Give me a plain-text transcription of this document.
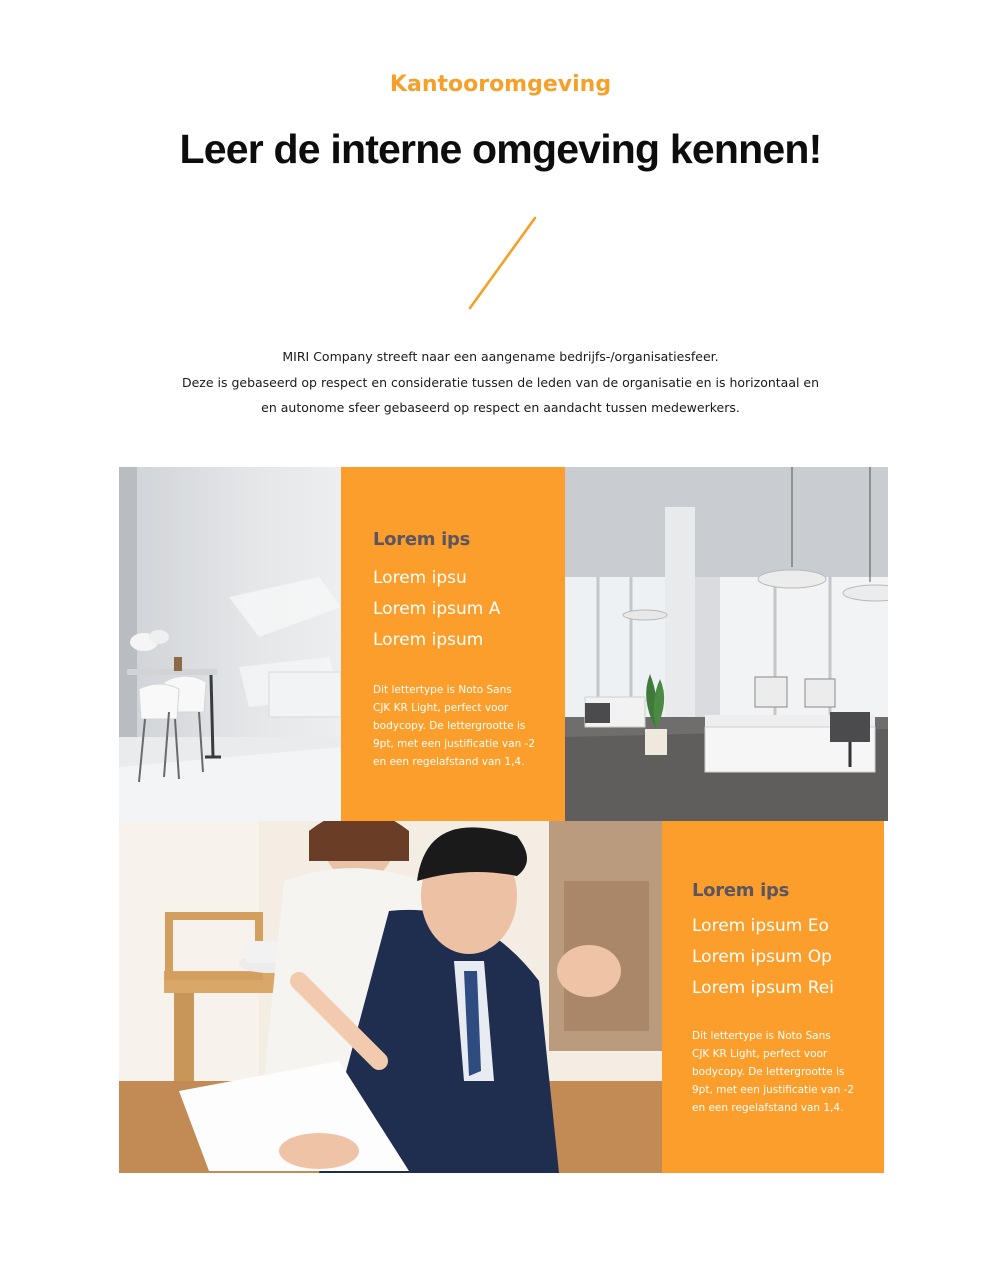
Kantooromgeving
Leer de interne omgeving kennen!

MIRI Company streeft naar een aangename bedrijfs-/organisatiesfeer.

Deze is gebaseerd op respect en consideratie tussen de leden van de organisatie en is horizontaal en

en autonome sfeer gebaseerd op respect en aandacht tussen medewerkers.

Lorem ips
Lorem ipsu
Lorem ipsum A
Lorem ipsum
Dit lettertype is Noto Sans
CJK KR Light, perfect voor
bodycopy. De lettergrootte is
9pt, met een justificatie van -2
en een regelafstand van 1,4.
Lorem ips
Lorem ipsum Eo
Lorem ipsum Op
Lorem ipsum Rei
Dit lettertype is Noto Sans
CJK KR Light, perfect voor
bodycopy. De lettergrootte is
9pt, met een justificatie van -2
en een regelafstand van 1,4.
